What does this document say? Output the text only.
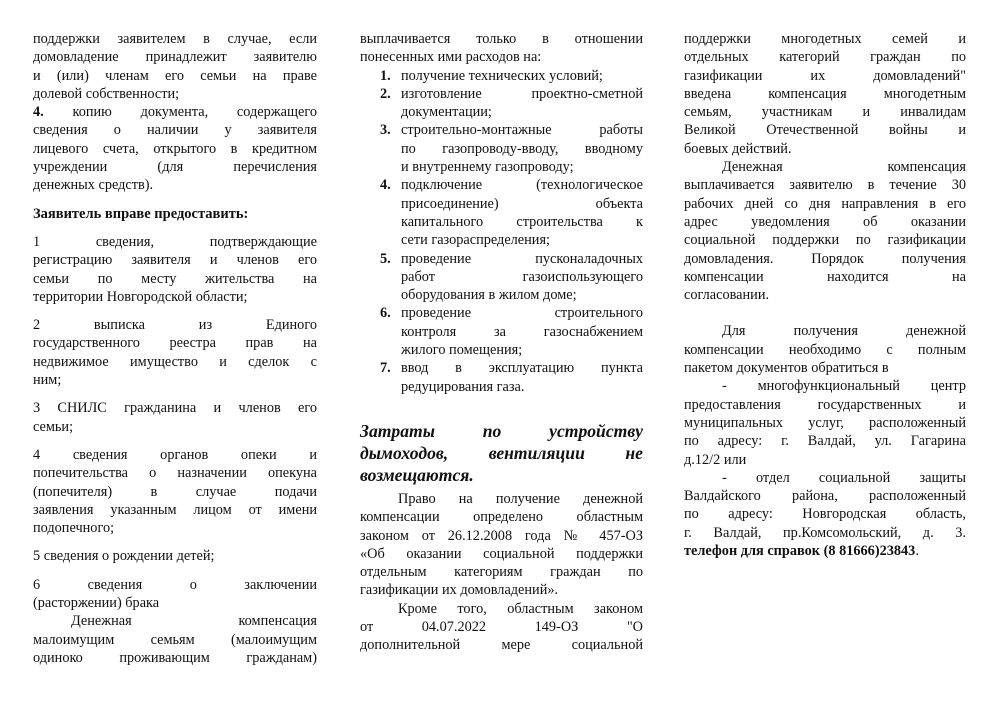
поддержки заявителем в случае, если

домовладение принадлежит заявителю

и (или) членам его семьи на праве

долевой собственности;

4. копию документа, содержащего

сведения о наличии у заявителя

лицевого счета, открытого в кредитном

учреждении (для перечисления

денежных средств).

Заявитель вправе предоставить:

1 сведения, подтверждающие

регистрацию заявителя и членов его

семьи по месту жительства на

территории Новгородской области;

2 выписка из Единого

государственного реестра прав на

недвижимое имущество и сделок с

ним;

3 СНИЛС гражданина и членов его

семьи;

4 сведения органов опеки и

попечительства о назначении опекуна

(попечителя) в случае подачи

заявления указанным лицом от имени

подопечного;

5 сведения о рождении детей;

6 сведения о заключении

(расторжении) брака

Денежная компенсация

малоимущим семьям (малоимущим

одиноко проживающим гражданам)

выплачивается только в отношении

понесенных ими расходов на:

1. получение технических условий;

2. изготовление проектно-сметной

документации;

3. строительно-монтажные работы

по газопроводу-вводу, вводному

и внутреннему газопроводу;

4. подключение (технологическое

присоединение) объекта

капитального строительства к

сети газораспределения;

5. проведение пусконаладочных

работ газоиспользующего

оборудования в жилом доме;

6. проведение строительного

контроля за газоснабжением

жилого помещения;

7. ввод в эксплуатацию пункта

редуцирования газа.

Затраты по устройству

дымоходов, вентиляции не

возмещаются.

Право на получение денежной

компенсации определено областным

законом от 26.12.2008 года № 457-ОЗ

«Об оказании социальной поддержки

отдельным категориям граждан по

газификации их домовладений».

Кроме того, областным законом

от 04.07.2022 149-ОЗ "О

дополнительной мере социальной

поддержки многодетных семей и

отдельных категорий граждан по

газификации их домовладений"

введена компенсация многодетным

семьям, участникам и инвалидам

Великой Отечественной войны и

боевых действий.

Денежная компенсация

выплачивается заявителю в течение 30

рабочих дней со дня направления в его

адрес уведомления об оказании

социальной поддержки по газификации

домовладения. Порядок получения

компенсации находится на

согласовании.

Для получения денежной

компенсации необходимо с полным

пакетом документов обратиться в

- многофункциональный центр

предоставления государственных и

муниципальных услуг, расположенный

по адресу: г. Валдай, ул. Гагарина

д.12/2 или

- отдел социальной защиты

Валдайского района, расположенный

по адресу: Новгородская область,

г. Валдай, пр.Комсомольский, д. 3.

телефон для справок (8 81666)23843.
